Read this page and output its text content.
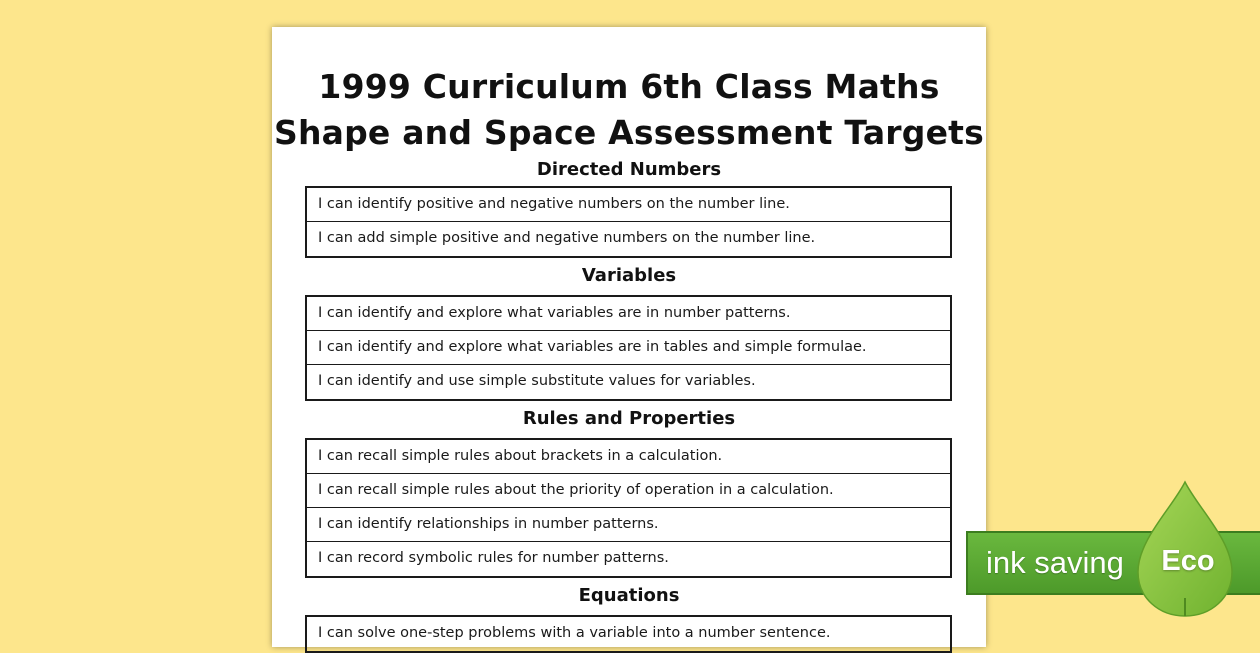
1999 Curriculum 6th Class Maths
Shape and Space Assessment Targets
Directed Numbers
I can identify positive and negative numbers on the number line.
I can add simple positive and negative numbers on the number line.
Variables
I can identify and explore what variables are in number patterns.
I can identify and explore what variables are in tables and simple formulae.
I can identify and use simple substitute values for variables.
Rules and Properties
I can recall simple rules about brackets in a calculation.
I can recall simple rules about the priority of operation in a calculation.
I can identify relationships in number patterns.
I can record symbolic rules for number patterns.
Equations
I can solve one-step problems with a variable into a number sentence.
ink saving Eco
